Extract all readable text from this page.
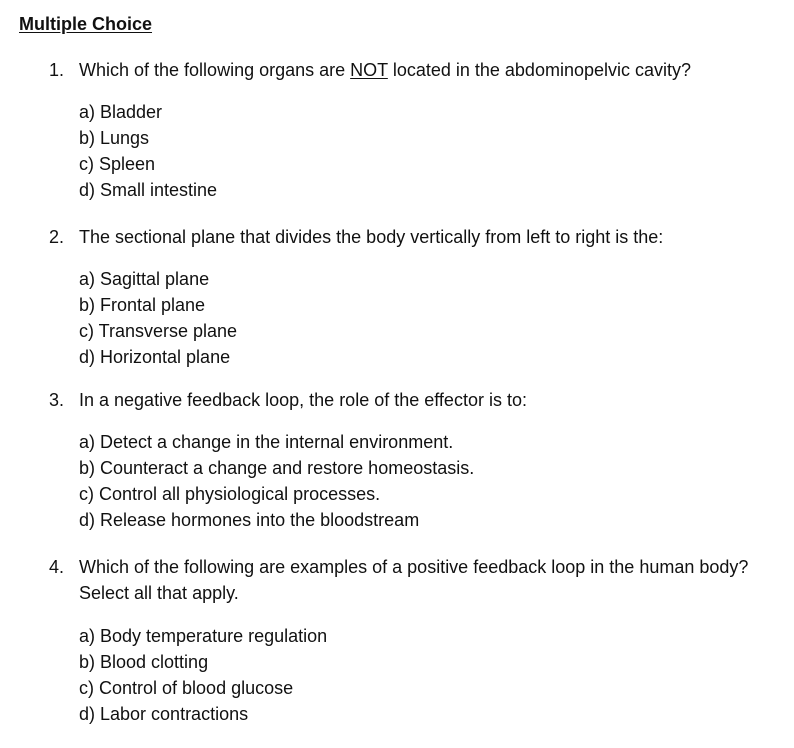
Multiple Choice
1. Which of the following organs are NOT located in the abdominopelvic cavity?
a) Bladder
b) Lungs
c) Spleen
d) Small intestine
2. The sectional plane that divides the body vertically from left to right is the:
a) Sagittal plane
b) Frontal plane
c) Transverse plane
d) Horizontal plane
3. In a negative feedback loop, the role of the effector is to:
a) Detect a change in the internal environment.
b) Counteract a change and restore homeostasis.
c) Control all physiological processes.
d) Release hormones into the bloodstream
4. Which of the following are examples of a positive feedback loop in the human body? Select all that apply.
a) Body temperature regulation
b) Blood clotting
c) Control of blood glucose
d) Labor contractions
